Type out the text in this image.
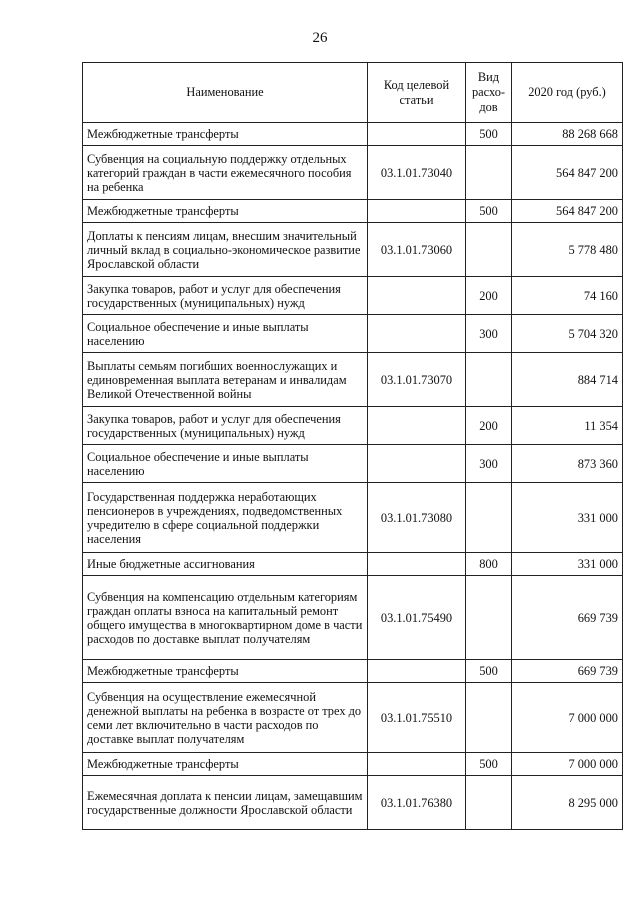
26
Наименование	Код целевой статьи	Вид расхо-дов	2020 год (руб.)
Межбюджетные трансферты		500	88 268 668
Субвенция на социальную поддержку отдельных категорий граждан в части ежемесячного пособия на ребенка	03.1.01.73040		564 847 200
Межбюджетные трансферты		500	564 847 200
Доплаты к пенсиям лицам, внесшим значительный личный вклад в социально-экономическое развитие Ярославской области	03.1.01.73060		5 778 480
Закупка товаров, работ и услуг для обеспечения государственных (муниципальных) нужд		200	74 160
Социальное обеспечение и иные выплаты населению		300	5 704 320
Выплаты семьям погибших военнослужащих и единовременная выплата ветеранам и инвалидам Великой Отечественной войны	03.1.01.73070		884 714
Закупка товаров, работ и услуг для обеспечения государственных (муниципальных) нужд		200	11 354
Социальное обеспечение и иные выплаты населению		300	873 360
Государственная поддержка неработающих пенсионеров в учреждениях, подведомственных учредителю в сфере социальной поддержки населения	03.1.01.73080		331 000
Иные бюджетные ассигнования		800	331 000
Субвенция на компенсацию отдельным категориям граждан оплаты взноса на капитальный ремонт общего имущества в многоквартирном доме в части расходов по доставке выплат получателям	03.1.01.75490		669 739
Межбюджетные трансферты		500	669 739
Субвенция на осуществление ежемесячной денежной выплаты на ребенка в возрасте от трех до семи лет включительно в части расходов по доставке выплат получателям	03.1.01.75510		7 000 000
Межбюджетные трансферты		500	7 000 000
Ежемесячная доплата к пенсии лицам, замещавшим государственные должности Ярославской области	03.1.01.76380		8 295 000
